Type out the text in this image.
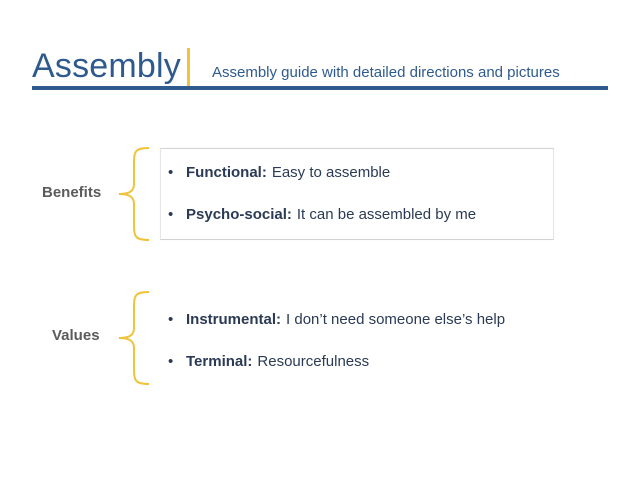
Assembly Assembly guide with detailed directions and pictures
Benefits
• Functional: Easy to assemble
• Psycho-social: It can be assembled by me
Values
• Instrumental: I don’t need someone else’s help
• Terminal: Resourcefulness
